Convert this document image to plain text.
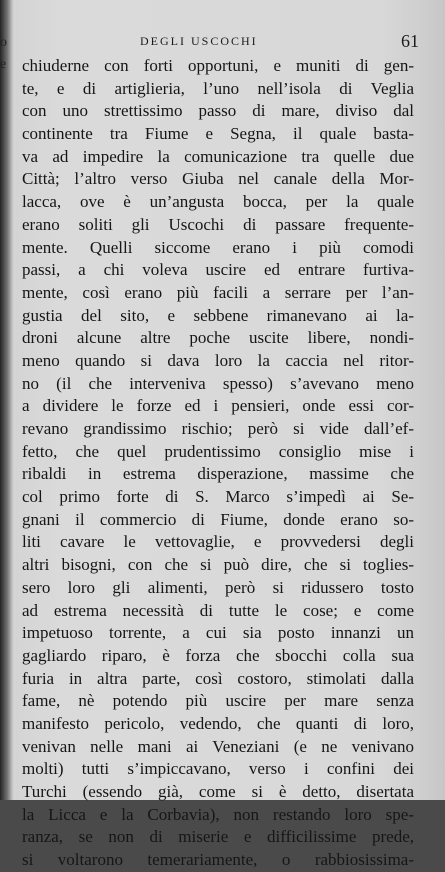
o
e
DEGLI USCOCHI	61
chiuderne con forti opportuni, e muniti di gen-
te, e di artiglieria, l’uno nell’isola di Veglia
con uno strettissimo passo di mare, diviso dal
continente tra Fiume e Segna, il quale basta-
va ad impedire la comunicazione tra quelle due
Città; l’altro verso Giuba nel canale della Mor-
lacca, ove è un’angusta bocca, per la quale
erano soliti gli Uscochi di passare frequente-
mente. Quelli siccome erano i più comodi
passi, a chi voleva uscire ed entrare furtiva-
mente, così erano più facili a serrare per l’an-
gustia del sito, e sebbene rimanevano ai la-
droni alcune altre poche uscite libere, nondi-
meno quando si dava loro la caccia nel ritor-
no (il che interveniva spesso) s’avevano meno
a dividere le forze ed i pensieri, onde essi cor-
revano grandissimo rischio; però si vide dall’ef-
fetto, che quel prudentissimo consiglio mise i
ribaldi in estrema disperazione, massime che
col primo forte di S. Marco s’impedì ai Se-
gnani il commercio di Fiume, donde erano so-
liti cavare le vettovaglie, e provvedersi degli
altri bisogni, con che si può dire, che si toglies-
sero loro gli alimenti, però si ridussero tosto
ad estrema necessità di tutte le cose; e come
impetuoso torrente, a cui sia posto innanzi un
gagliardo riparo, è forza che sbocchi colla sua
furia in altra parte, così costoro, stimolati dalla
fame, nè potendo più uscire per mare senza
manifesto pericolo, vedendo, che quanti di loro,
venivan nelle mani ai Veneziani (e ne venivano
molti) tutti s’impiccavano, verso i confini dei
Turchi (essendo già, come si è detto, disertata
la Licca e la Corbavia), non restando loro spe-
ranza, se non di miserie e difficilissime prede,
si voltarono temerariamente, o rabbiosissima-
